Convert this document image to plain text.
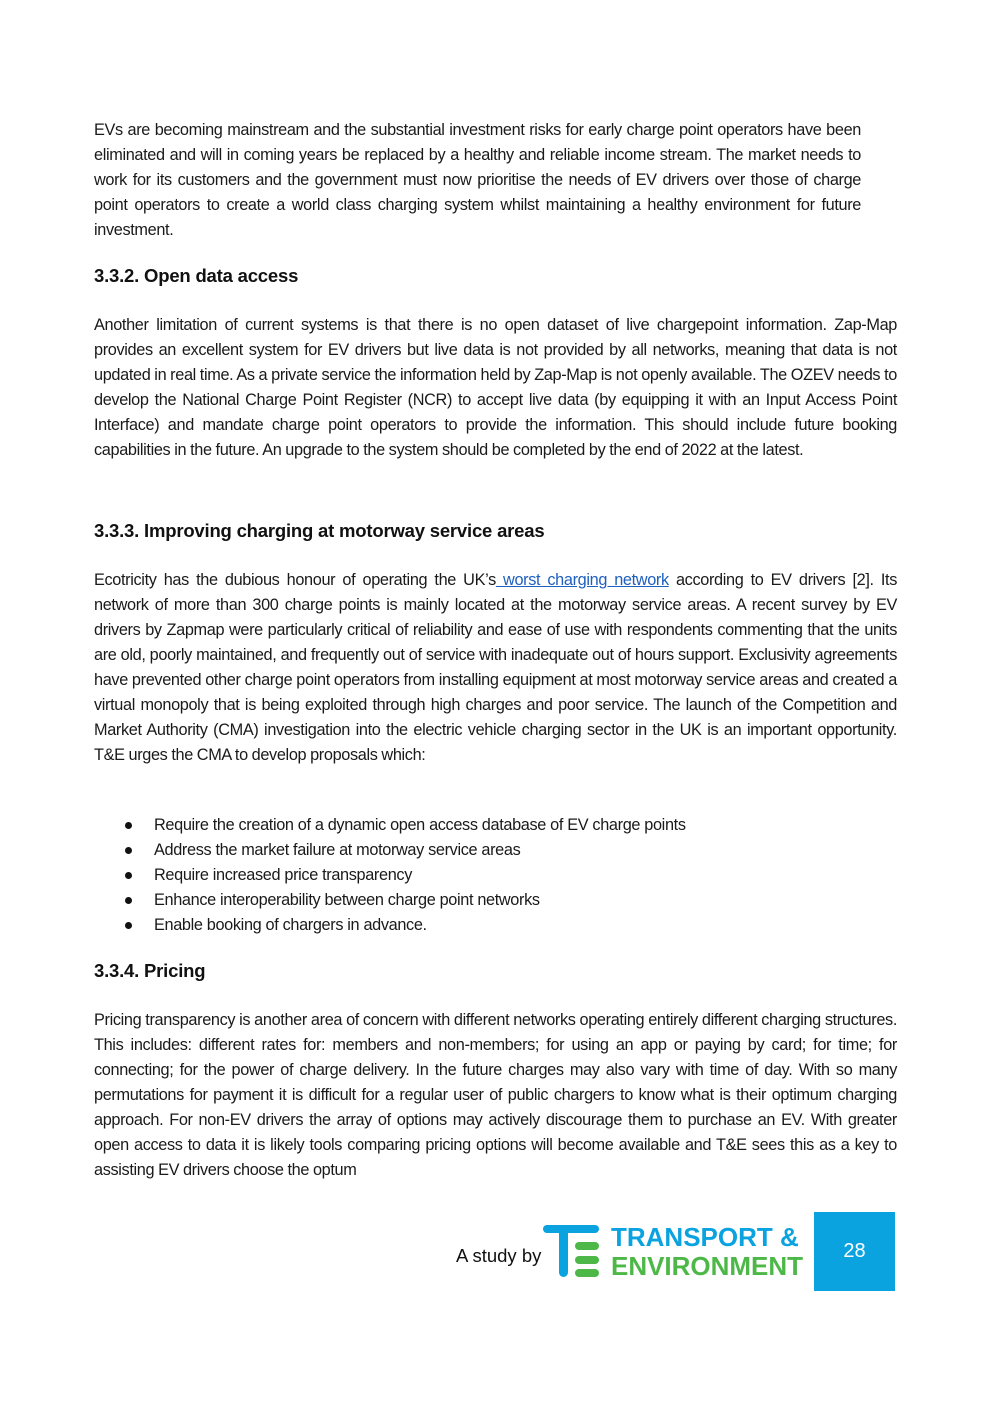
EVs are becoming mainstream and the substantial investment risks for early charge point operators have been eliminated and will in coming years be replaced by a healthy and reliable income stream. The market needs to work for its customers and the government must now prioritise the needs of EV drivers over those of charge point operators to create a world class charging system whilst maintaining a healthy environment for future investment.
3.3.2. Open data access
Another limitation of current systems is that there is no open dataset of live chargepoint information. Zap-Map provides an excellent system for EV drivers but live data is not provided by all networks, meaning that data is not updated in real time. As a private service the information held by Zap-Map is not openly available. The OZEV needs to develop the National Charge Point Register (NCR) to accept live data (by equipping it with an Input Access Point Interface) and mandate charge point operators to provide the information. This should include future booking capabilities in the future. An upgrade to the system should be completed by the end of 2022 at the latest.
3.3.3. Improving charging at motorway service areas
Ecotricity has the dubious honour of operating the UK’s worst charging network according to EV drivers [2]. Its network of more than 300 charge points is mainly located at the motorway service areas. A recent survey by EV drivers by Zapmap were particularly critical of reliability and ease of use with respondents commenting that the units are old, poorly maintained, and frequently out of service with inadequate out of hours support. Exclusivity agreements have prevented other charge point operators from installing equipment at most motorway service areas and created a virtual monopoly that is being exploited through high charges and poor service. The launch of the Competition and Market Authority (CMA) investigation into the electric vehicle charging sector in the UK is an important opportunity. T&E urges the CMA to develop proposals which:
Require the creation of a dynamic open access database of EV charge points
Address the market failure at motorway service areas
Require increased price transparency
Enhance interoperability between charge point networks
Enable booking of chargers in advance.
3.3.4. Pricing
Pricing transparency is another area of concern with different networks operating entirely different charging structures. This includes: different rates for: members and non-members; for using an app or paying by card; for time; for connecting; for the power of charge delivery. In the future charges may also vary with time of day. With so many permutations for payment it is difficult for a regular user of public chargers to know what is their optimum charging approach. For non-EV drivers the array of options may actively discourage them to purchase an EV. With greater open access to data it is likely tools comparing pricing options will become available and T&E sees this as a key to assisting EV drivers choose the optum
A study by
TRANSPORT &
ENVIRONMENT 28
